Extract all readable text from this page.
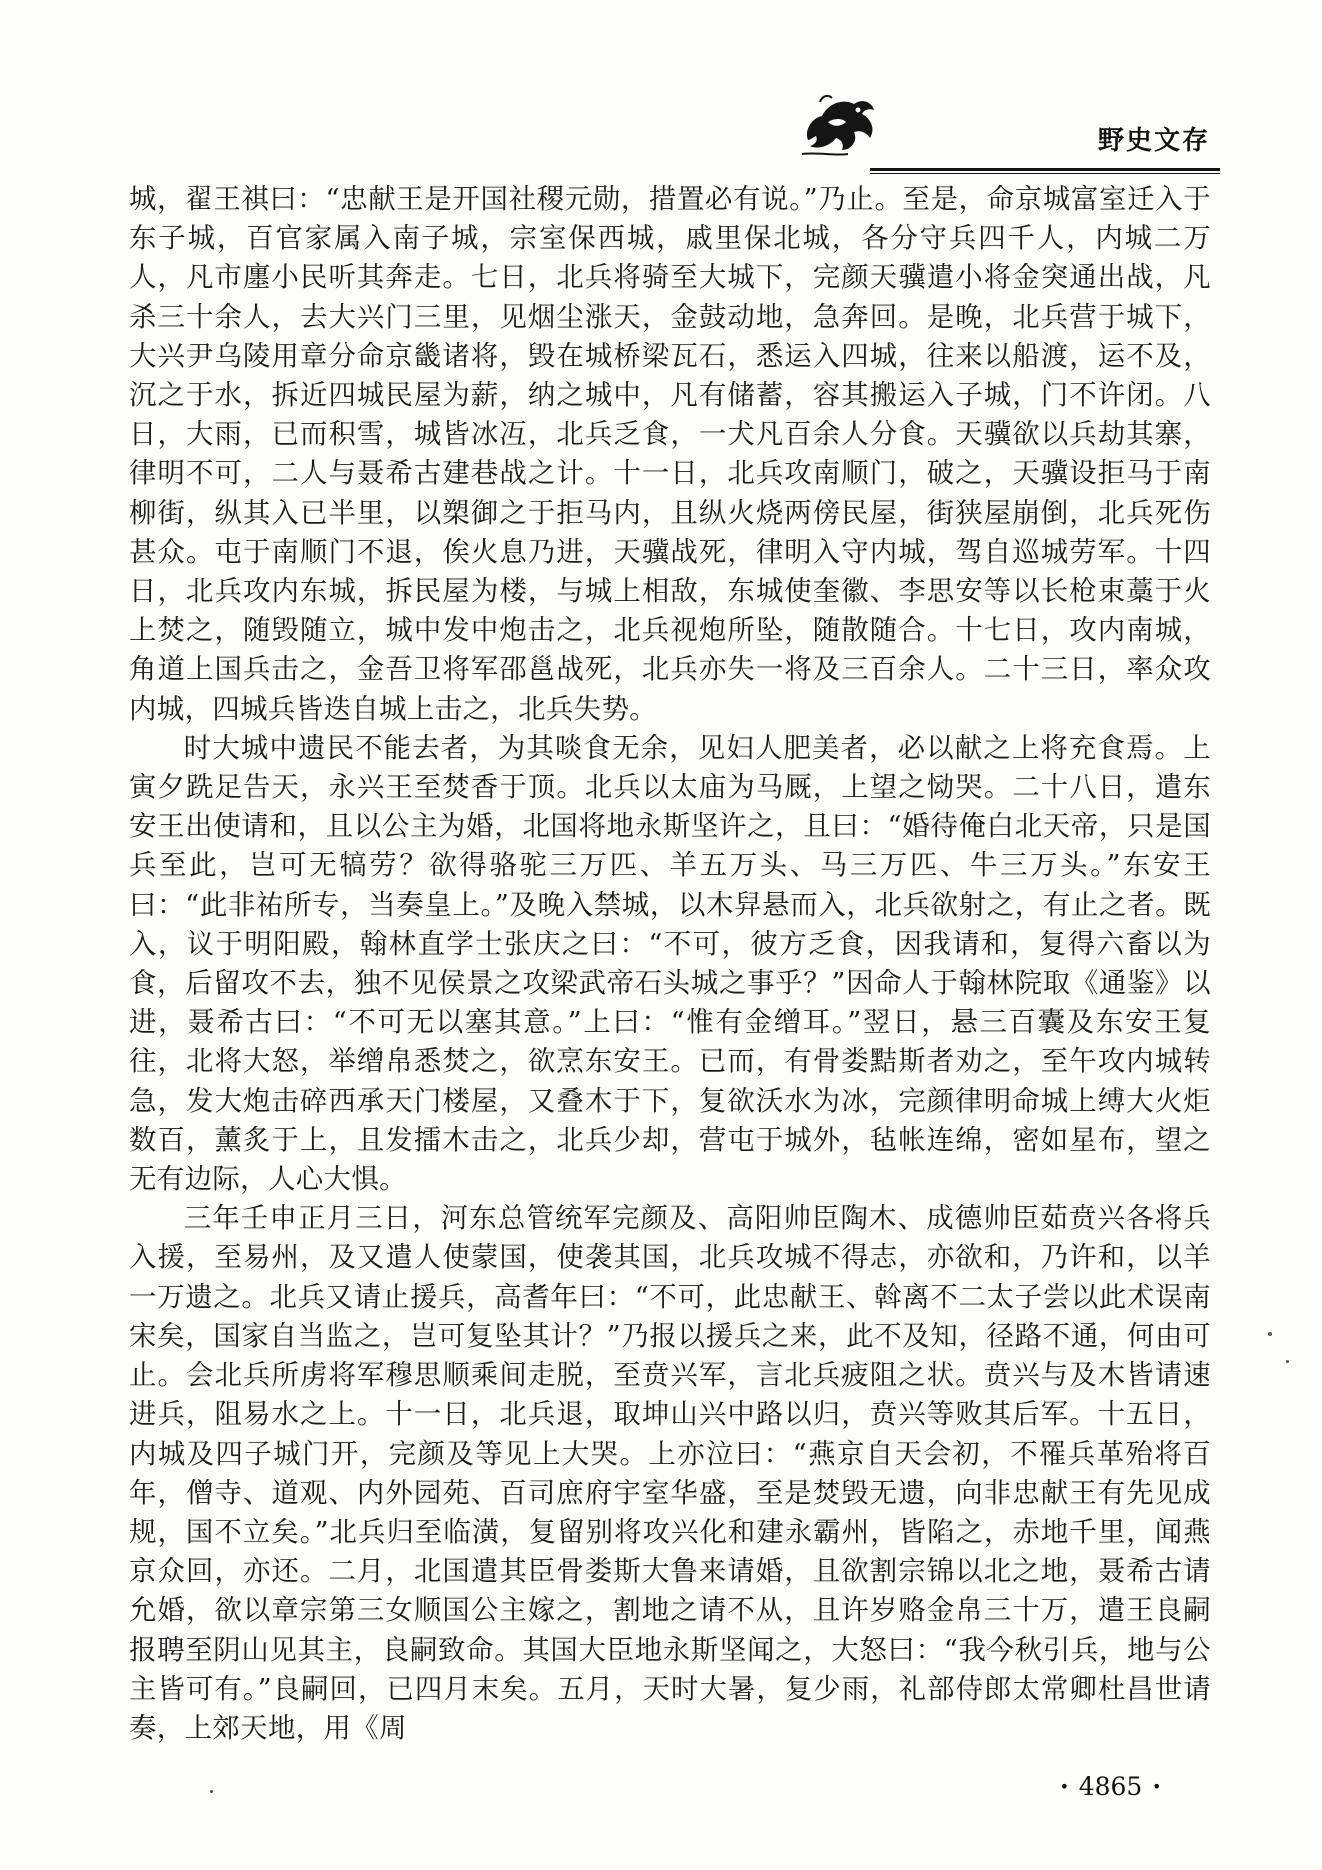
野史文存

城，翟王祺曰：“忠献王是开国社稷元勋，措置必有说。”乃止。至是，命京城富室迁入于东子城，百官家属入南子城，宗室保西城，戚里保北城，各分守兵四千人，内城二万人，凡市廛小民听其奔走。七日，北兵将骑至大城下，完颜天骥遣小将金突通出战，凡杀三十余人，去大兴门三里，见烟尘涨天，金鼓动地，急奔回。是晚，北兵营于城下，大兴尹乌陵用章分命京畿诸将，毁在城桥梁瓦石，悉运入四城，往来以船渡，运不及，沉之于水，拆近四城民屋为薪，纳之城中，凡有储蓄，容其搬运入子城，门不许闭。八日，大雨，已而积雪，城皆冰冱，北兵乏食，一犬凡百余人分食。天骥欲以兵劫其寨，律明不可，二人与聂希古建巷战之计。十一日，北兵攻南顺门，破之，天骥设拒马于南柳街，纵其入已半里，以槊御之于拒马内，且纵火烧两傍民屋，街狭屋崩倒，北兵死伤甚众。屯于南顺门不退，俟火息乃进，天骥战死，律明入守内城，驾自巡城劳军。十四日，北兵攻内东城，拆民屋为楼，与城上相敌，东城使奎徽、李思安等以长枪束藁于火上焚之，随毁随立，城中发中炮击之，北兵视炮所坠，随散随合。十七日，攻内南城，角道上国兵击之，金吾卫将军邵邕战死，北兵亦失一将及三百余人。二十三日，率众攻内城，四城兵皆迭自城上击之，北兵失势。

时大城中遗民不能去者，为其啖食无余，见妇人肥美者，必以献之上将充食焉。上寅夕跣足告天，永兴王至焚香于顶。北兵以太庙为马厩，上望之恸哭。二十八日，遣东安王出使请和，且以公主为婚，北国将地永斯坚许之，且曰：“婚待俺白北天帝，只是国兵至此，岂可无犒劳？欲得骆驼三万匹、羊五万头、马三万匹、牛三万头。”东安王曰：“此非祐所专，当奏皇上。”及晚入禁城，以木舁悬而入，北兵欲射之，有止之者。既入，议于明阳殿，翰林直学士张庆之曰：“不可，彼方乏食，因我请和，复得六畜以为食，后留攻不去，独不见侯景之攻梁武帝石头城之事乎？”因命人于翰林院取《通鉴》以进，聂希古曰：“不可无以塞其意。”上曰：“惟有金缯耳。”翌日，悬三百囊及东安王复往，北将大怒，举缯帛悉焚之，欲烹东安王。已而，有骨娄黠斯者劝之，至午攻内城转急，发大炮击碎西承天门楼屋，又叠木于下，复欲沃水为冰，完颜律明命城上缚大火炬数百，薰炙于上，且发擂木击之，北兵少却，营屯于城外，毡帐连绵，密如星布，望之无有边际，人心大惧。

三年壬申正月三日，河东总管统军完颜及、高阳帅臣陶木、成德帅臣茹贲兴各将兵入援，至易州，及又遣人使蒙国，使袭其国，北兵攻城不得志，亦欲和，乃许和，以羊一万遗之。北兵又请止援兵，高耆年曰：“不可，此忠献王、斡离不二太子尝以此术误南宋矣，国家自当监之，岂可复坠其计？”乃报以援兵之来，此不及知，径路不通，何由可止。会北兵所虏将军穆思顺乘间走脱，至贲兴军，言北兵疲阻之状。贲兴与及木皆请速进兵，阻易水之上。十一日，北兵退，取坤山兴中路以归，贲兴等败其后军。十五日，内城及四子城门开，完颜及等见上大哭。上亦泣曰：“燕京自天会初，不罹兵革殆将百年，僧寺、道观、内外园苑、百司庶府宇室华盛，至是焚毁无遗，向非忠献王有先见成规，国不立矣。”北兵归至临潢，复留别将攻兴化和建永霸州，皆陷之，赤地千里，闻燕京众回，亦还。二月，北国遣其臣骨娄斯大鲁来请婚，且欲割宗锦以北之地，聂希古请允婚，欲以章宗第三女顺国公主嫁之，割地之请不从，且许岁赂金帛三十万，遣王良嗣报聘至阴山见其主，良嗣致命。其国大臣地永斯坚闻之，大怒曰：“我今秋引兵，地与公主皆可有。”良嗣回，已四月末矣。五月，天时大暑，复少雨，礼部侍郎太常卿杜昌世请奏，上郊天地，用《周

· 4865 ·
